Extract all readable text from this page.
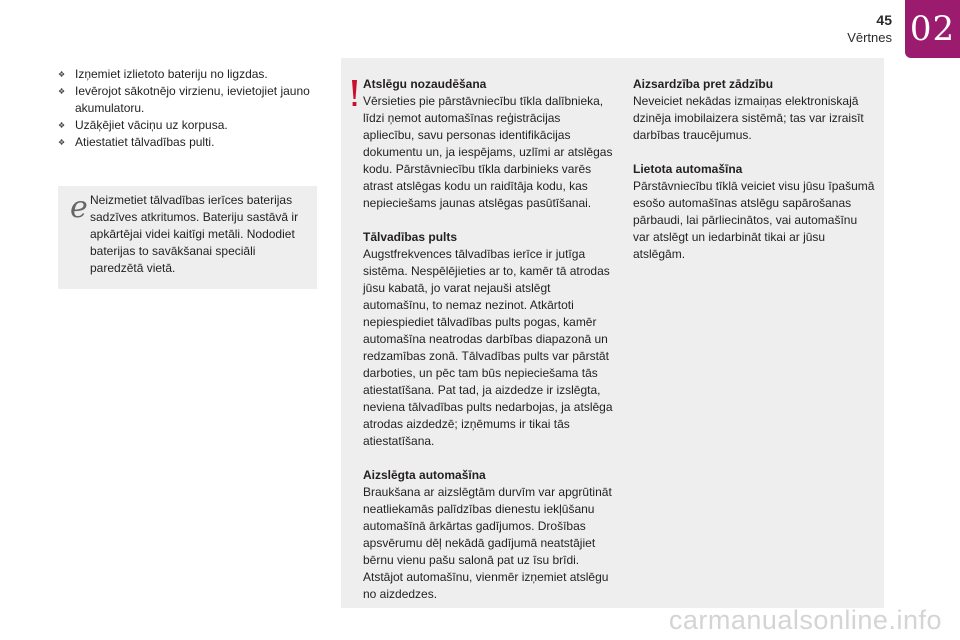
45
Vērtnes 02
❖ Izņemiet izlietoto bateriju no ligzdas.
❖ Ievērojot sākotnējo virzienu, ievietojiet jauno akumulatoru.
❖ Uzāķējiet vāciņu uz korpusa.
❖ Atiestatiet tālvadības pulti.
e Neizmetiet tālvadības ierīces baterijas sadzīves atkritumos. Bateriju sastāvā ir apkārtējai videi kaitīgi metāli. Nododiet baterijas to savākšanai speciāli paredzētā vietā.
Atslēgu nozaudēšana

Vērsieties pie pārstāvniecību tīkla dalībnieka, līdzi ņemot automašīnas reģistrācijas apliecību, savu personas identifikācijas dokumentu un, ja iespējams, uzlīmi ar atslēgas kodu. Pārstāvniecību tīkla darbinieks varēs atrast atslēgas kodu un raidītāja kodu, kas nepieciešams jaunas atslēgas pasūtīšanai.

Tālvadības pults

Augstfrekvences tālvadības ierīce ir jutīga sistēma. Nespēlējieties ar to, kamēr tā atrodas jūsu kabatā, jo varat nejauši atslēgt automašīnu, to nemaz nezinot. Atkārtoti nepiespiediet tālvadības pults pogas, kamēr automašīna neatrodas darbības diapazonā un redzamības zonā. Tālvadības pults var pārstāt darboties, un pēc tam būs nepieciešama tās atiestatīšana. Pat tad, ja aizdedze ir izslēgta, neviena tālvadības pults nedarbojas, ja atslēga atrodas aizdedzē; izņēmums ir tikai tās atiestatīšana.

Aizslēgta automašīna

Braukšana ar aizslēgtām durvīm var apgrūtināt neatliekamās palīdzības dienestu iekļūšanu automašīnā ārkārtas gadījumos. Drošības apsvērumu dēļ nekādā gadījumā neatstājiet bērnu vienu pašu salonā pat uz īsu brīdi. Atstājot automašīnu, vienmēr izņemiet atslēgu no aizdedzes.

Aizsardzība pret zādzību

Neveiciet nekādas izmaiņas elektroniskajā dzinēja imobilaizera sistēmā; tas var izraisīt darbības traucējumus.

Lietota automašīna

Pārstāvniecību tīklā veiciet visu jūsu īpašumā esošo automašīnas atslēgu sapārošanas pārbaudi, lai pārliecinātos, vai automašīnu var atslēgt un iedarbināt tikai ar jūsu atslēgām.

carmanualsonline.info
